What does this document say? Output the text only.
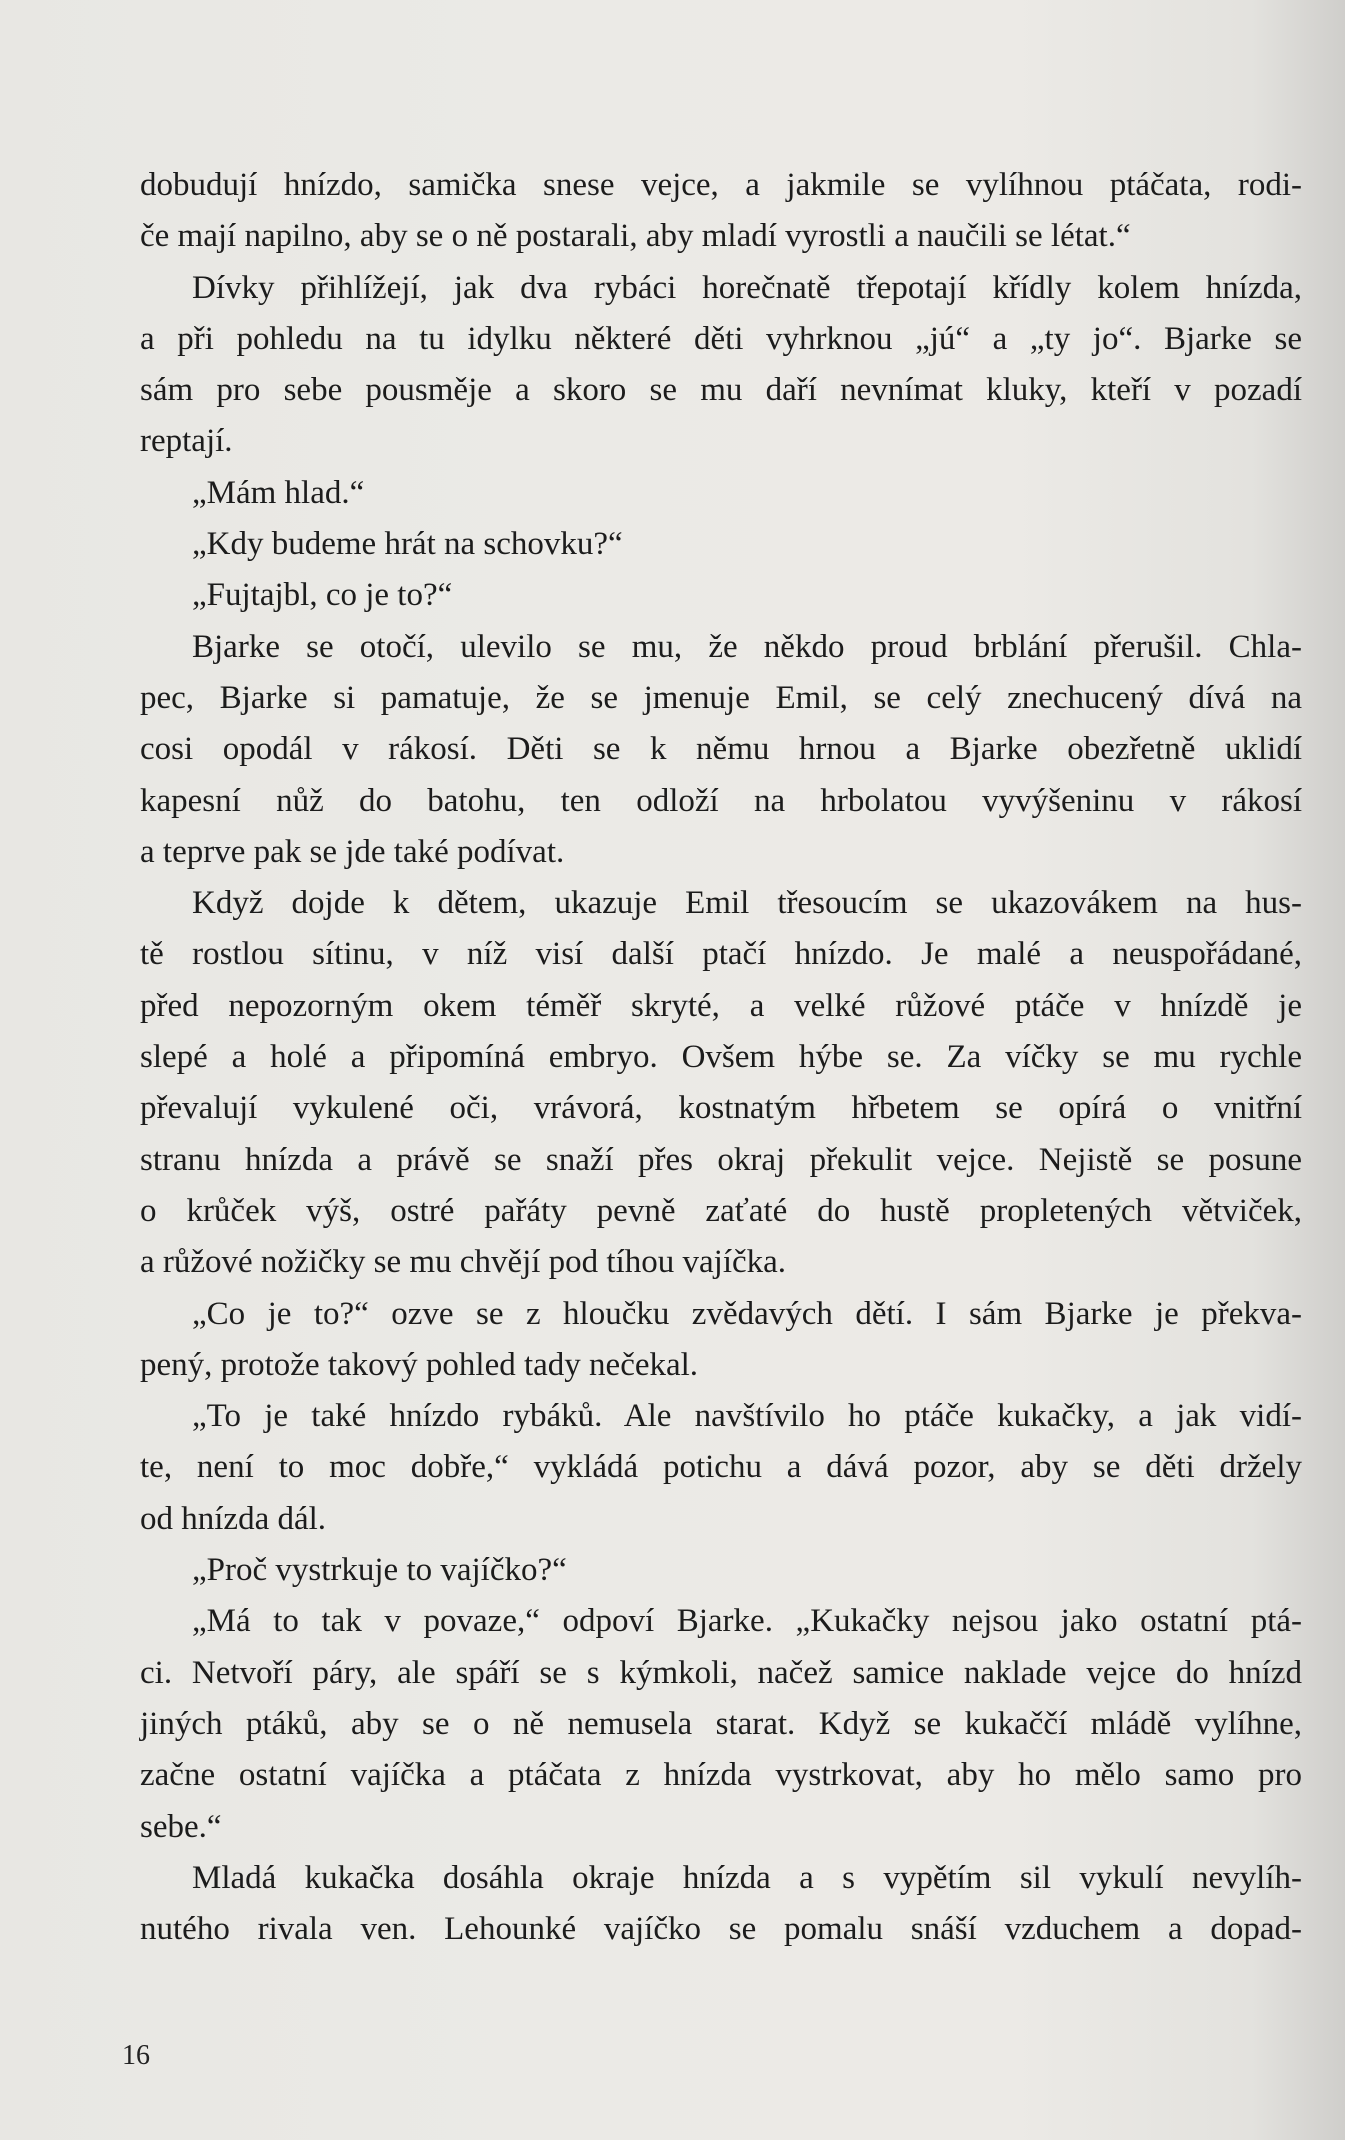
dobudují hnízdo, samička snese vejce, a jakmile se vylíhnou ptáčata, rodi-
če mají napilno, aby se o ně postarali, aby mladí vyrostli a naučili se létat.“
Dívky přihlížejí, jak dva rybáci horečnatě třepotají křídly kolem hnízda,
a při pohledu na tu idylku některé děti vyhrknou „jú“ a „ty jo“. Bjarke se
sám pro sebe pousměje a skoro se mu daří nevnímat kluky, kteří v pozadí
reptají.
„Mám hlad.“
„Kdy budeme hrát na schovku?“
„Fujtajbl, co je to?“
Bjarke se otočí, ulevilo se mu, že někdo proud brblání přerušil. Chla-
pec, Bjarke si pamatuje, že se jmenuje Emil, se celý znechucený dívá na
cosi opodál v rákosí. Děti se k němu hrnou a Bjarke obezřetně uklidí
kapesní nůž do batohu, ten odloží na hrbolatou vyvýšeninu v rákosí
a teprve pak se jde také podívat.
Když dojde k dětem, ukazuje Emil třesoucím se ukazovákem na hus-
tě rostlou sítinu, v níž visí další ptačí hnízdo. Je malé a neuspořádané,
před nepozorným okem téměř skryté, a velké růžové ptáče v hnízdě je
slepé a holé a připomíná embryo. Ovšem hýbe se. Za víčky se mu rychle
převalují vykulené oči, vrávorá, kostnatým hřbetem se opírá o vnitřní
stranu hnízda a právě se snaží přes okraj překulit vejce. Nejistě se posune
o krůček výš, ostré pařáty pevně zaťaté do hustě propletených větviček,
a růžové nožičky se mu chvějí pod tíhou vajíčka.
„Co je to?“ ozve se z hloučku zvědavých dětí. I sám Bjarke je překva-
pený, protože takový pohled tady nečekal.
„To je také hnízdo rybáků. Ale navštívilo ho ptáče kukačky, a jak vidí-
te, není to moc dobře,“ vykládá potichu a dává pozor, aby se děti držely
od hnízda dál.
„Proč vystrkuje to vajíčko?“
„Má to tak v povaze,“ odpoví Bjarke. „Kukačky nejsou jako ostatní ptá-
ci. Netvoří páry, ale spáří se s kýmkoli, načež samice naklade vejce do hnízd
jiných ptáků, aby se o ně nemusela starat. Když se kukaččí mládě vylíhne,
začne ostatní vajíčka a ptáčata z hnízda vystrkovat, aby ho mělo samo pro
sebe.“
Mladá kukačka dosáhla okraje hnízda a s vypětím sil vykulí nevylíh-
nutého rivala ven. Lehounké vajíčko se pomalu snáší vzduchem a dopad-
16
